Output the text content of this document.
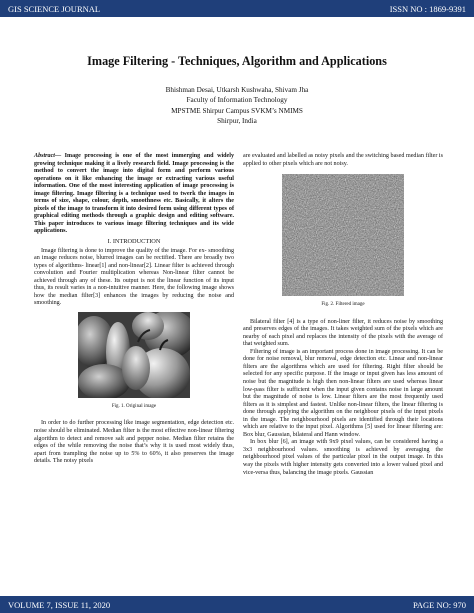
GIS SCIENCE JOURNAL	ISSN NO : 1869-9391
Image Filtering - Techniques, Algorithm and Applications
Bhishman Desai, Utkarsh Kushwaha, Shivam Jha
Faculty of Information Technology
MPSTME Shirpur Campus SVKM’s NMIMS
Shirpur, India

Abstract— Image processing is one of the most immerging and widely growing technique making it a lively research field. Image processing is the method to convert the image into digital form and perform various operations on it like enhancing the image or extracting various useful information. One of the most interesting application of image processing is image filtering. Image filtering is a technique used to twerk the images in terms of size, shape, colour, depth, smoothness etc. Basically, it alters the pixels of the image to transform it into desired form using different types of graphical editing methods through a graphic design and editing software. This paper introduces to various image filtering techniques and its wide applications.

I. INTRODUCTION

Image filtering is done to improve the quality of the image. For ex- smoothing an image reduces noise, blurred images can be rectified. There are broadly two types of algorithms- linear[1] and non-linear[2]. Linear filter is achieved through convolution and Fourier multiplication whereas Non-linear filter cannot be achieved through any of these. Its output is not the linear function of its input thus, its result varies in a non-intuitive manner. Here, the following image shows how the median filter[3] enhances the images by reducing the noise and smoothing.

Fig. 1. Original image

In order to do further processing like image segmentation, edge detection etc. noise should be eliminated. Median filter is the most effective non-linear filtering algorithm to detect and remove salt and pepper noise. Median filter retains the edges of the while removing the noise that’s why it is used most widely thus, apart from trampling the noise up to 5% to 60%, it also preserves the image details. The noisy pixels

are evaluated and labelled as noisy pixels and the switching based median filter is applied to other pixels which are not noisy.

Fig. 2. Filtered image

Bilateral filter [4] is a type of non-liner filter, it reduces noise by smoothing and preserves edges of the images. It takes weighted sum of the pixels which are nearby of each pixel and replaces the intensity of the pixels with the average of that weighted sum.

Filtering of image is an important process done in image processing. It can be done for noise removal, blur removal, edge detection etc. Linear and non-linear filters are the algorithms which are used for filtering. Right filter should be selected for any specific purpose. If the image or input given has less amount of noise but the magnitude is high then non-linear filters are used whereas linear low-pass filter is sufficient when the input given contains noise in large amount but the magnitude of noise is low. Linear filters are the most frequently used filters as it is simplest and fastest. Unlike non-linear filters, the linear filtering is done through applying the algorithm on the neighbour pixels of the input pixels in the image. The neighbourhood pixels are identified through their locations which are relative to the input pixel. Algorithms [5] used for linear filtering are: Box blur, Gaussian, bilateral and Hann window.

In box blur [6], an image with 9x9 pixel values, can be considered having a 3x3 neighbourhood values. smoothing is achieved by averaging the neighbourhood pixel values of the particular pixel in the output image. In this way the pixels with higher intensity gets converted into a lower valued pixel and vice-versa thus, balancing the image pixels. Gaussian

VOLUME 7, ISSUE 11, 2020	PAGE NO: 970
